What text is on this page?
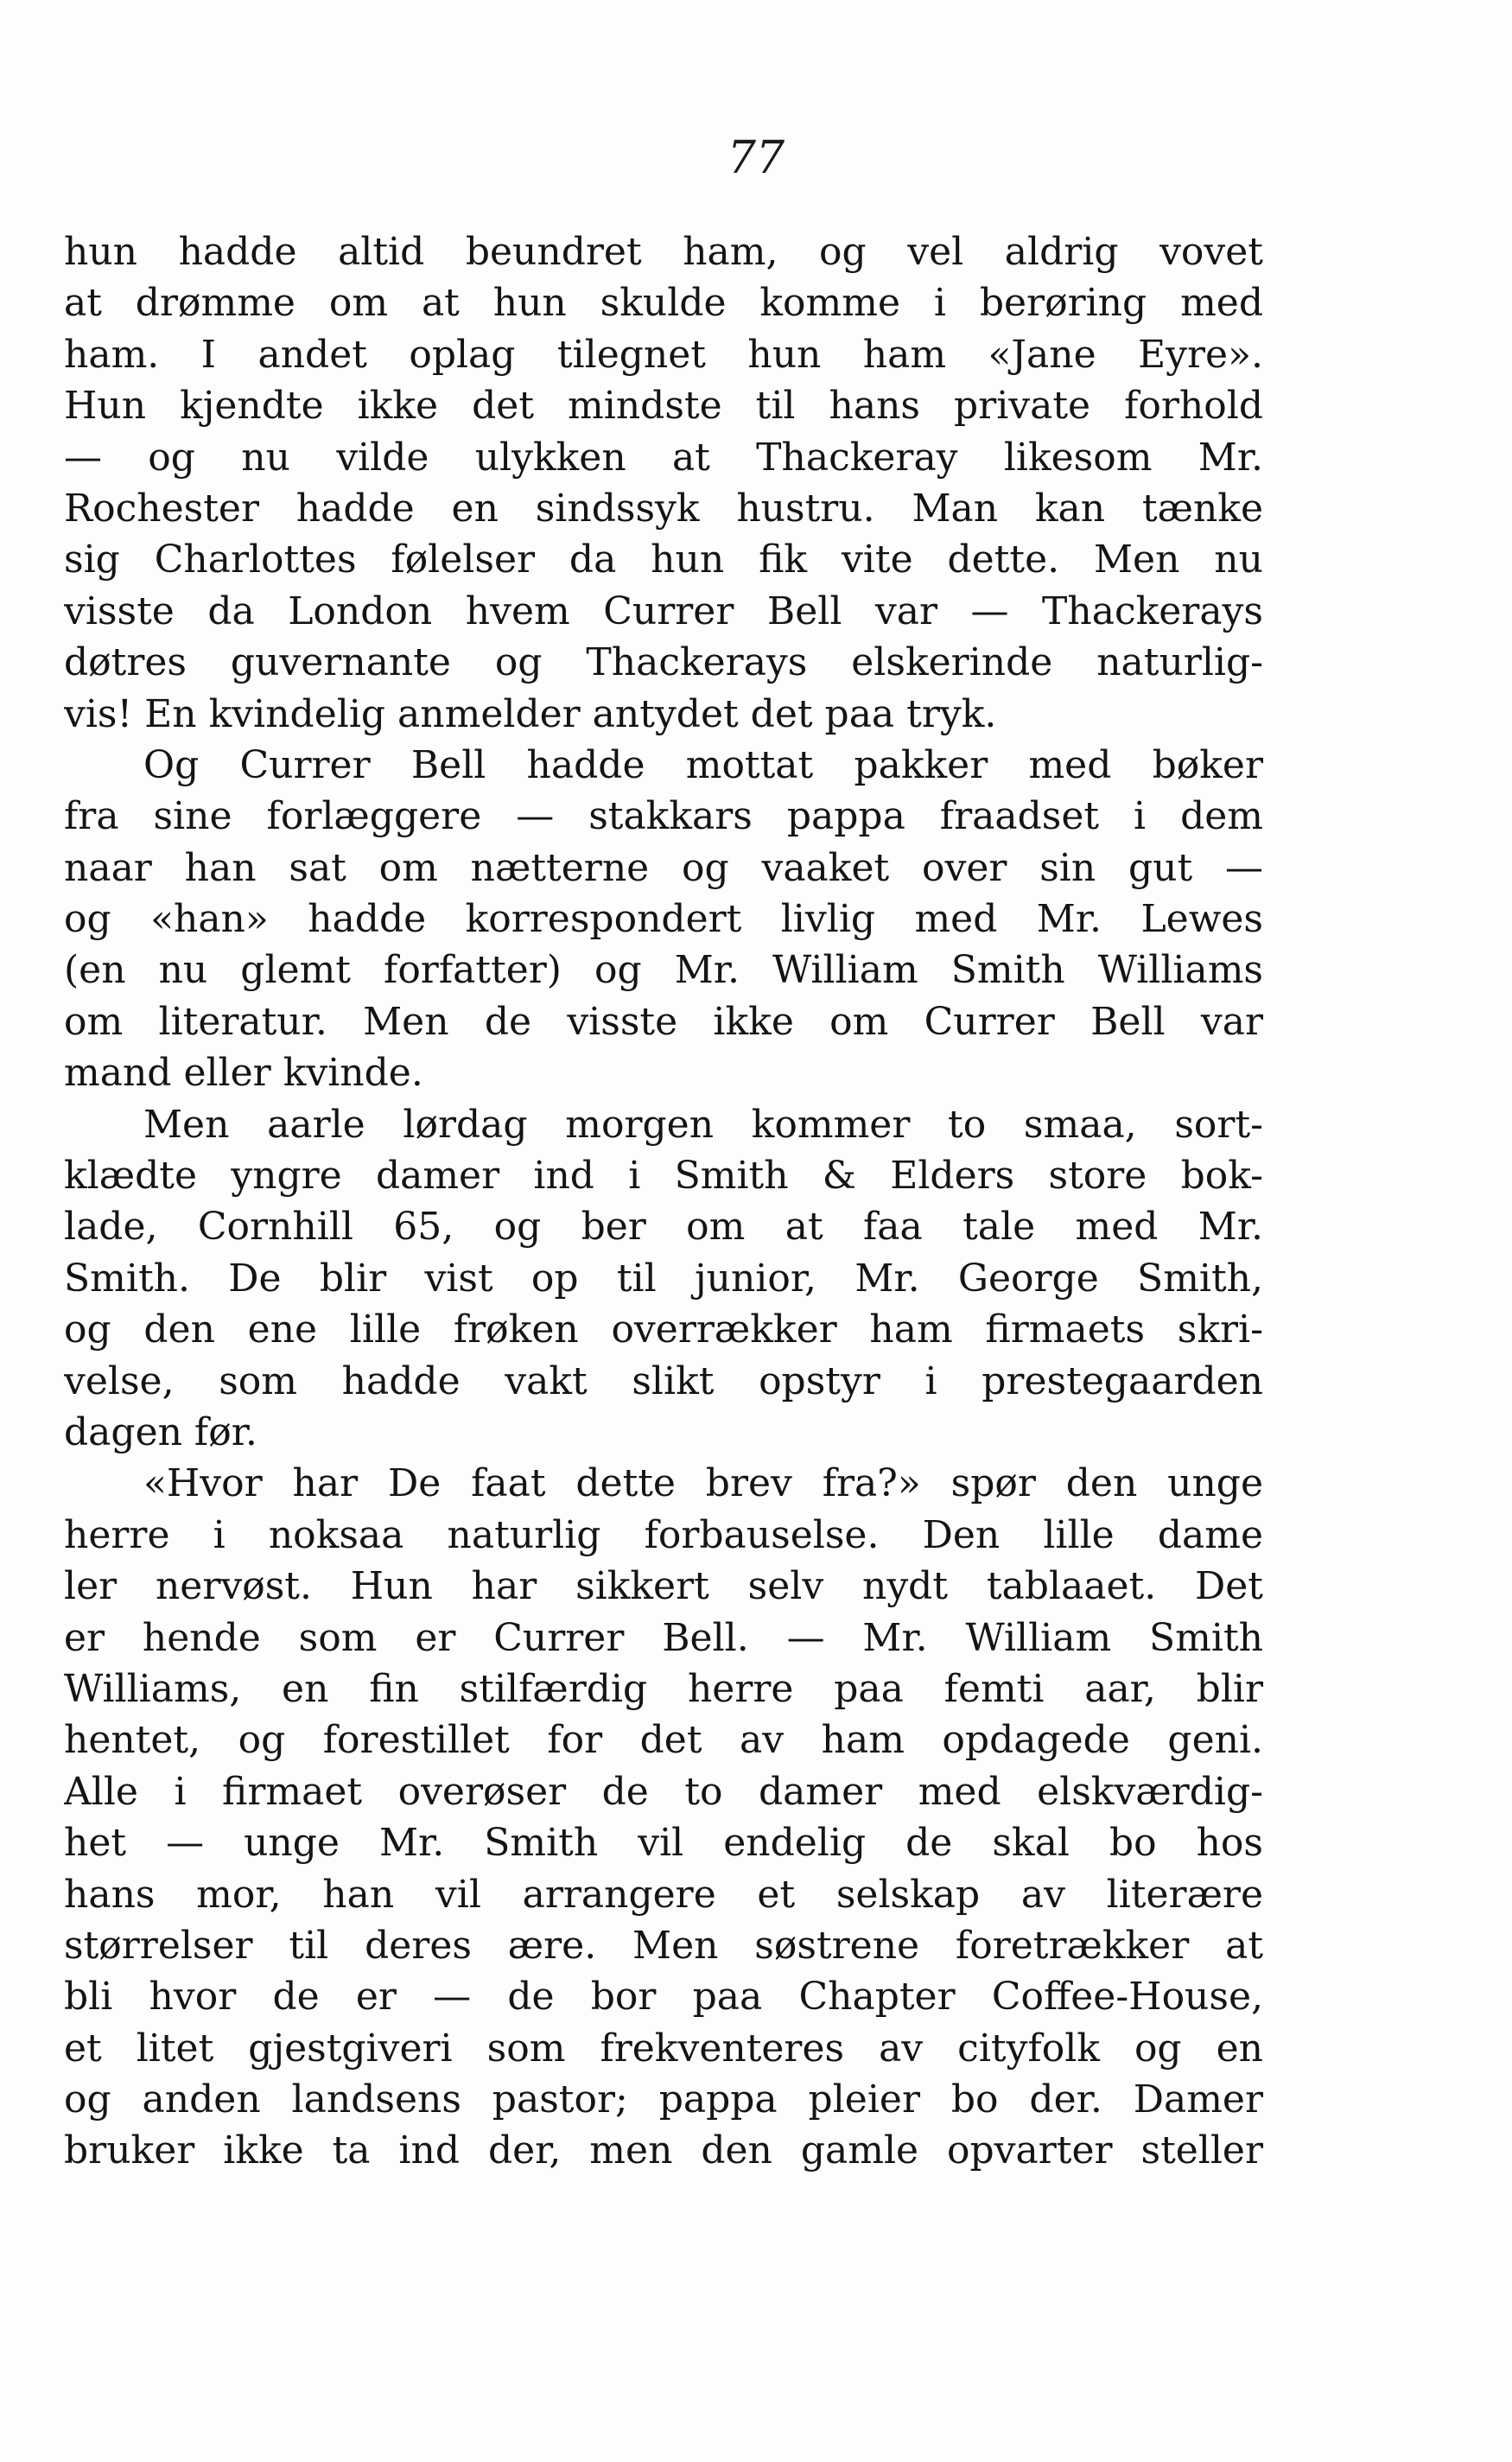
77
hun hadde altid beundret ham, og vel aldrig vovet
at drømme om at hun skulde komme i berøring med
ham. I andet oplag tilegnet hun ham «Jane Eyre».
Hun kjendte ikke det mindste til hans private forhold
— og nu vilde ulykken at Thackeray likesom Mr.
Rochester hadde en sindssyk hustru. Man kan tænke
sig Charlottes følelser da hun fik vite dette. Men nu
visste da London hvem Currer Bell var — Thackerays
døtres guvernante og Thackerays elskerinde naturlig-
vis! En kvindelig anmelder antydet det paa tryk.
Og Currer Bell hadde mottat pakker med bøker
fra sine forlæggere — stakkars pappa fraadset i dem
naar han sat om nætterne og vaaket over sin gut —
og «han» hadde korrespondert livlig med Mr. Lewes
(en nu glemt forfatter) og Mr. William Smith Williams
om literatur. Men de visste ikke om Currer Bell var
mand eller kvinde.
Men aarle lørdag morgen kommer to smaa, sort-
klædte yngre damer ind i Smith & Elders store bok-
lade, Cornhill 65, og ber om at faa tale med Mr.
Smith. De blir vist op til junior, Mr. George Smith,
og den ene lille frøken overrækker ham firmaets skri-
velse, som hadde vakt slikt opstyr i prestegaarden
dagen før.
«Hvor har De faat dette brev fra?» spør den unge
herre i noksaa naturlig forbauselse. Den lille dame
ler nervøst. Hun har sikkert selv nydt tablaaet. Det
er hende som er Currer Bell. — Mr. William Smith
Williams, en fin stilfærdig herre paa femti aar, blir
hentet, og forestillet for det av ham opdagede geni.
Alle i firmaet overøser de to damer med elskværdig-
het — unge Mr. Smith vil endelig de skal bo hos
hans mor, han vil arrangere et selskap av literære
størrelser til deres ære. Men søstrene foretrækker at
bli hvor de er — de bor paa Chapter Coffee-House,
et litet gjestgiveri som frekventeres av cityfolk og en
og anden landsens pastor; pappa pleier bo der. Damer
bruker ikke ta ind der, men den gamle opvarter steller
